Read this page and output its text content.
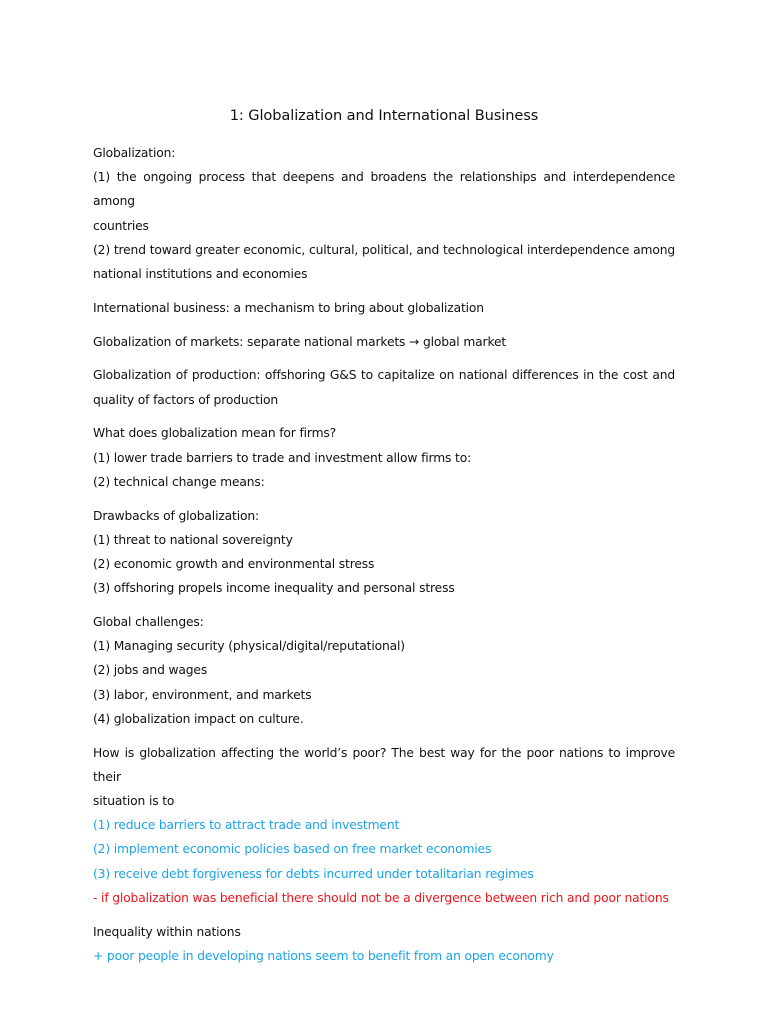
1: Globalization and International Business
Globalization:
(1) the ongoing process that deepens and broadens the relationships and interdependence among
countries
(2) trend toward greater economic, cultural, political, and technological interdependence among
national institutions and economies
International business: a mechanism to bring about globalization
Globalization of markets: separate national markets → global market
Globalization of production: offshoring G&S to capitalize on national differences in the cost and
quality of factors of production
What does globalization mean for firms?
(1) lower trade barriers to trade and investment allow firms to:
(2) technical change means:
Drawbacks of globalization:
(1) threat to national sovereignty
(2) economic growth and environmental stress
(3) offshoring propels income inequality and personal stress
Global challenges:
(1) Managing security (physical/digital/reputational)
(2) jobs and wages
(3) labor, environment, and markets
(4) globalization impact on culture.
How is globalization affecting the world’s poor? The best way for the poor nations to improve their
situation is to
(1) reduce barriers to attract trade and investment
(2) implement economic policies based on free market economies
(3) receive debt forgiveness for debts incurred under totalitarian regimes
- if globalization was beneficial there should not be a divergence between rich and poor nations
Inequality within nations
+ poor people in developing nations seem to benefit from an open economy
